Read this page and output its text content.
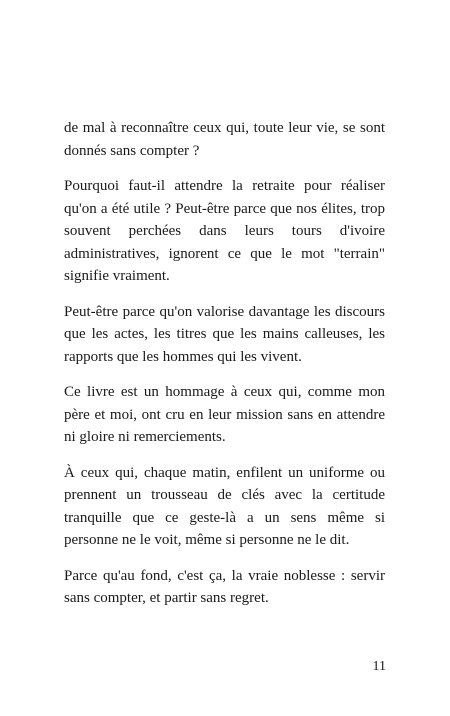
de mal à reconnaître ceux qui, toute leur vie, se sont donnés sans compter ?

Pourquoi faut-il attendre la retraite pour réaliser qu'on a été utile ? Peut-être parce que nos élites, trop souvent perchées dans leurs tours d'ivoire administratives, ignorent ce que le mot "terrain" signifie vraiment.

Peut-être parce qu'on valorise davantage les discours que les actes, les titres que les mains calleuses, les rapports que les hommes qui les vivent.

Ce livre est un hommage à ceux qui, comme mon père et moi, ont cru en leur mission sans en attendre ni gloire ni remerciements.

À ceux qui, chaque matin, enfilent un uniforme ou prennent un trousseau de clés avec la certitude tranquille que ce geste-là a un sens même si personne ne le voit, même si personne ne le dit.

Parce qu'au fond, c'est ça, la vraie noblesse : servir sans compter, et partir sans regret.

11
